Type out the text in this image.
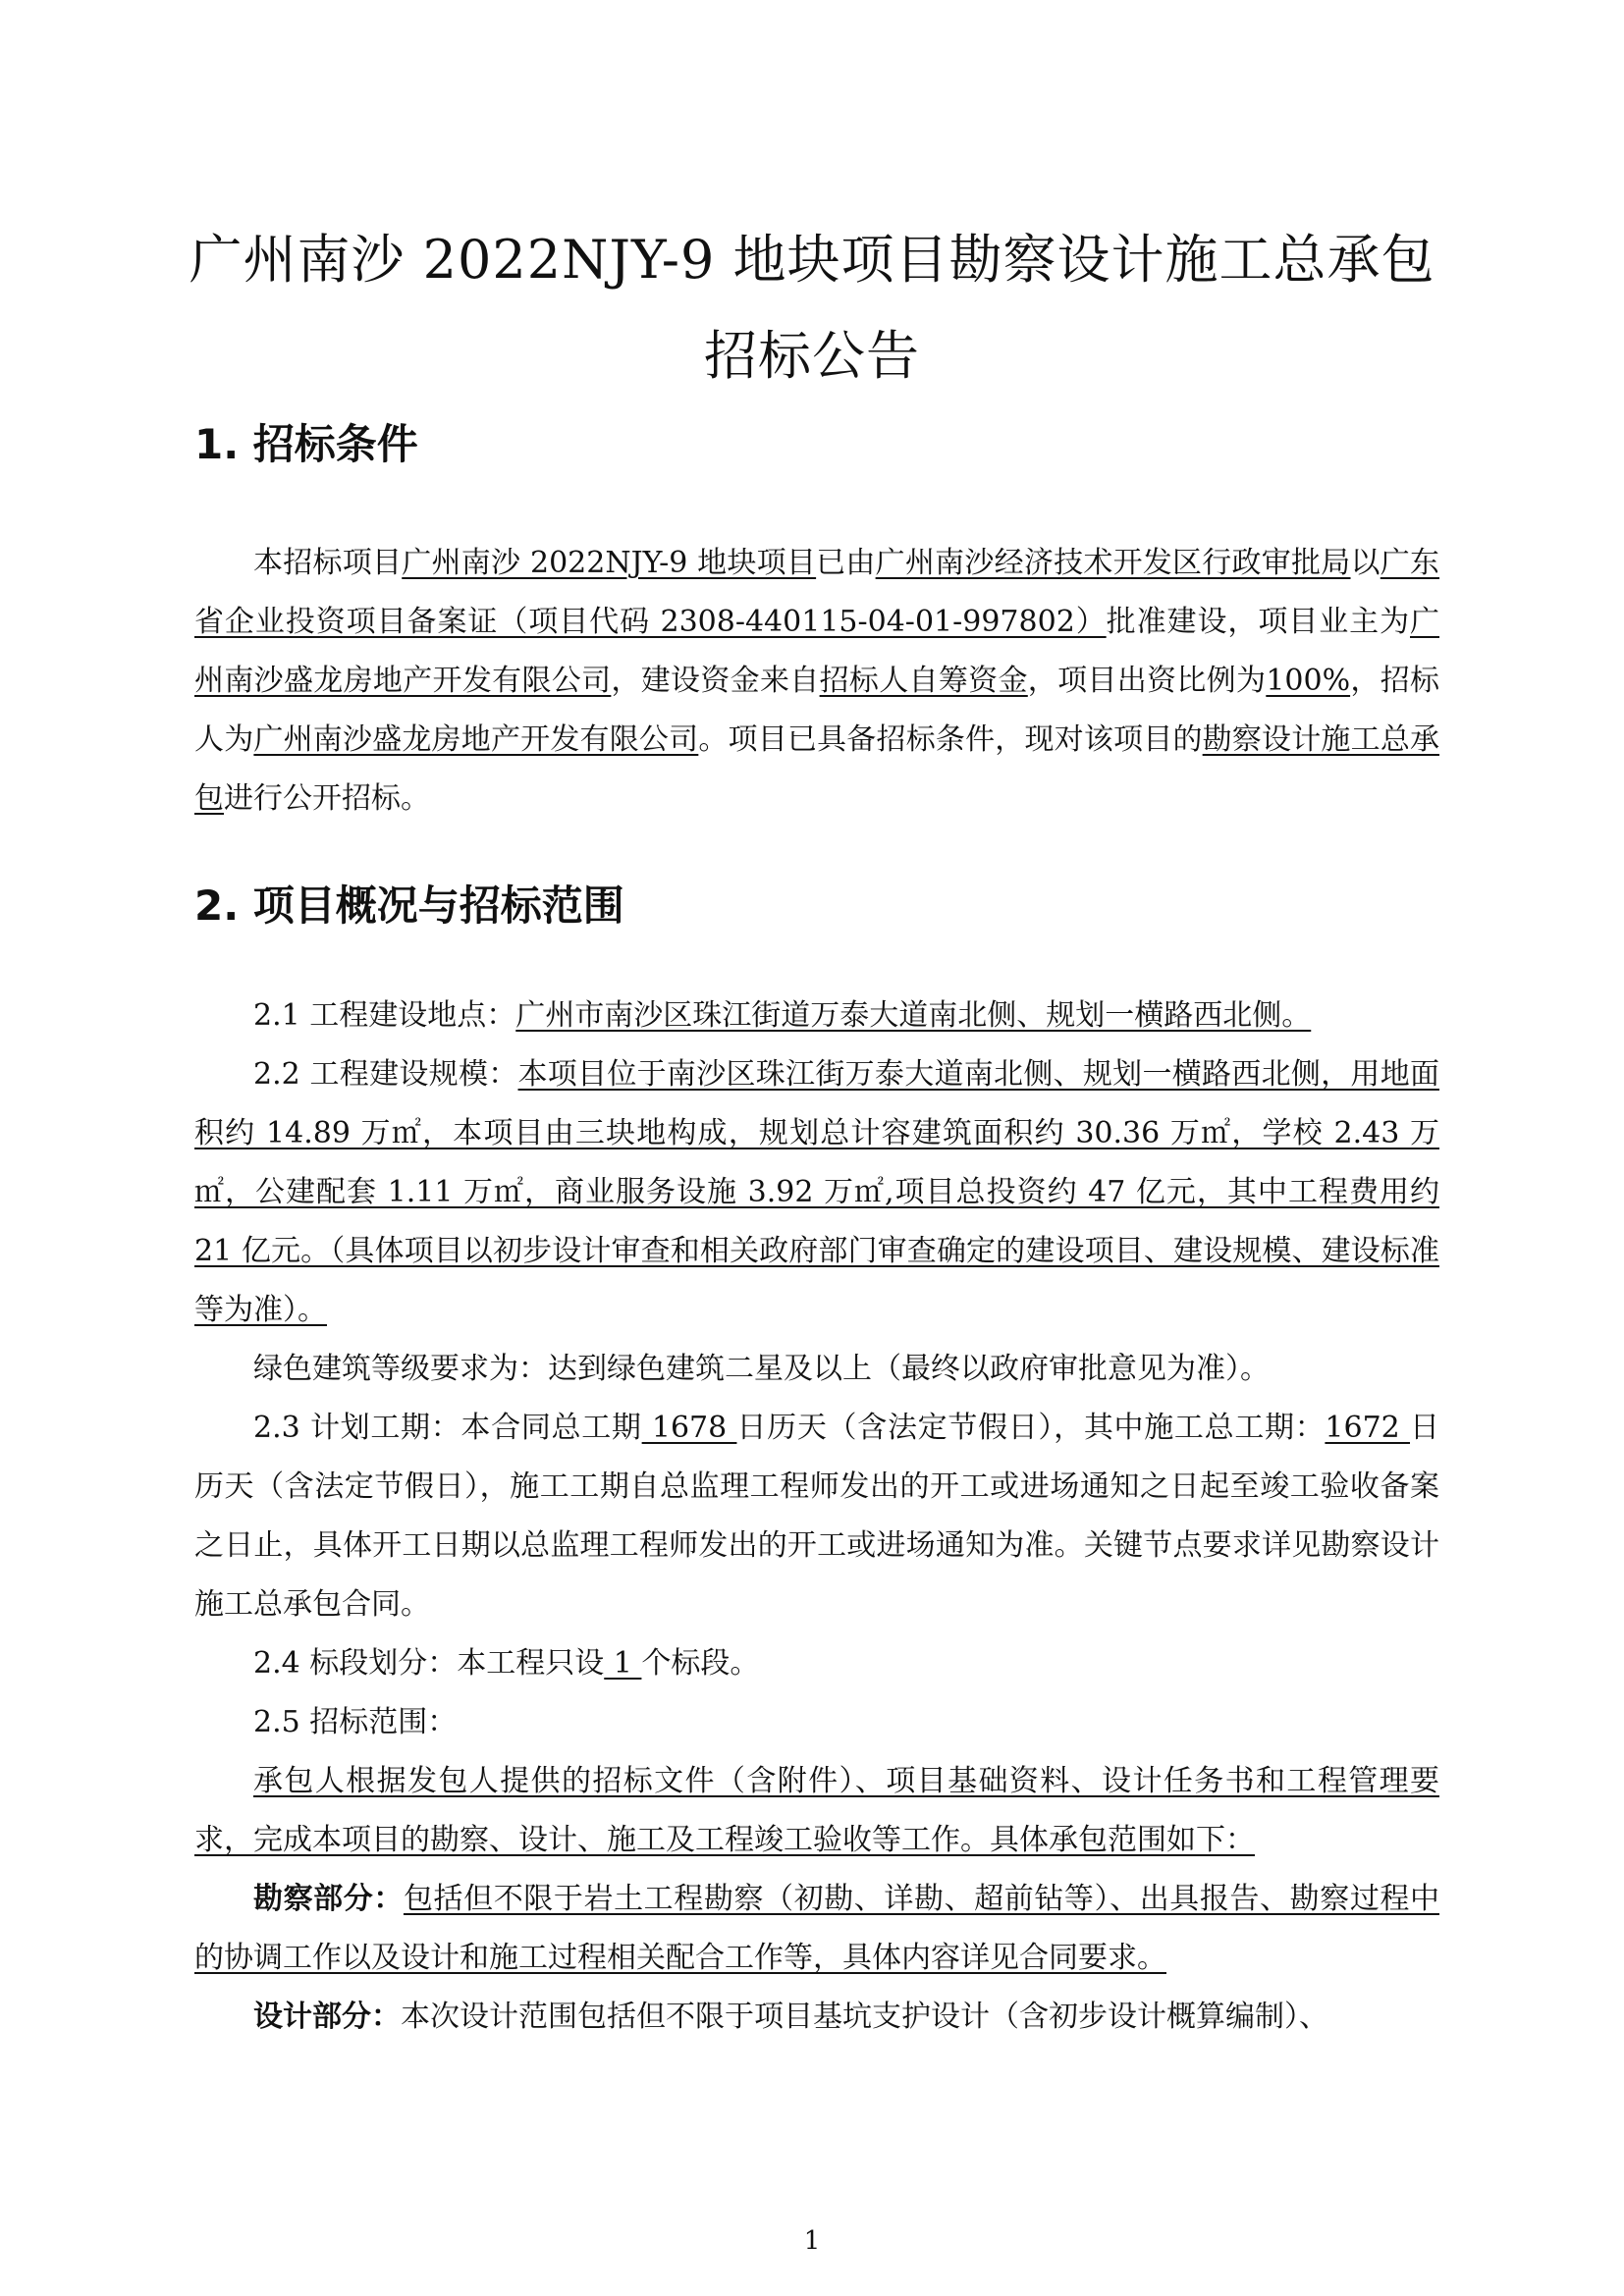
广州南沙 2022NJY-9 地块项目勘察设计施工总承包
招标公告
1. 招标条件

本招标项目广州南沙 2022NJY-9 地块项目已由广州南沙经济技术开发区行政审批局以广东省企业投资项目备案证（项目代码 2308-440115-04-01-997802）批准建设，项目业主为广州南沙盛龙房地产开发有限公司，建设资金来自招标人自筹资金，项目出资比例为100%，招标人为广州南沙盛龙房地产开发有限公司。项目已具备招标条件，现对该项目的勘察设计施工总承包进行公开招标。

2. 项目概况与招标范围

2.1 工程建设地点：广州市南沙区珠江街道万泰大道南北侧、规划一横路西北侧。

2.2 工程建设规模：本项目位于南沙区珠江街万泰大道南北侧、规划一横路西北侧，用地面积约 14.89 万㎡，本项目由三块地构成，规划总计容建筑面积约 30.36 万㎡，学校 2.43 万㎡，公建配套 1.11 万㎡，商业服务设施 3.92 万㎡,项目总投资约 47 亿元，其中工程费用约 21 亿元。（具体项目以初步设计审查和相关政府部门审查确定的建设项目、建设规模、建设标准等为准）。

绿色建筑等级要求为：达到绿色建筑二星及以上（最终以政府审批意见为准）。

2.3 计划工期：本合同总工期 1678 日历天（含法定节假日），其中施工总工期：1672 日历天（含法定节假日），施工工期自总监理工程师发出的开工或进场通知之日起至竣工验收备案之日止，具体开工日期以总监理工程师发出的开工或进场通知为准。关键节点要求详见勘察设计施工总承包合同。

2.4 标段划分：本工程只设 1 个标段。

2.5 招标范围：

承包人根据发包人提供的招标文件（含附件）、项目基础资料、设计任务书和工程管理要求，完成本项目的勘察、设计、施工及工程竣工验收等工作。具体承包范围如下：

勘察部分：包括但不限于岩土工程勘察（初勘、详勘、超前钻等）、出具报告、勘察过程中的协调工作以及设计和施工过程相关配合工作等，具体内容详见合同要求。

设计部分：本次设计范围包括但不限于项目基坑支护设计（含初步设计概算编制）、

1
